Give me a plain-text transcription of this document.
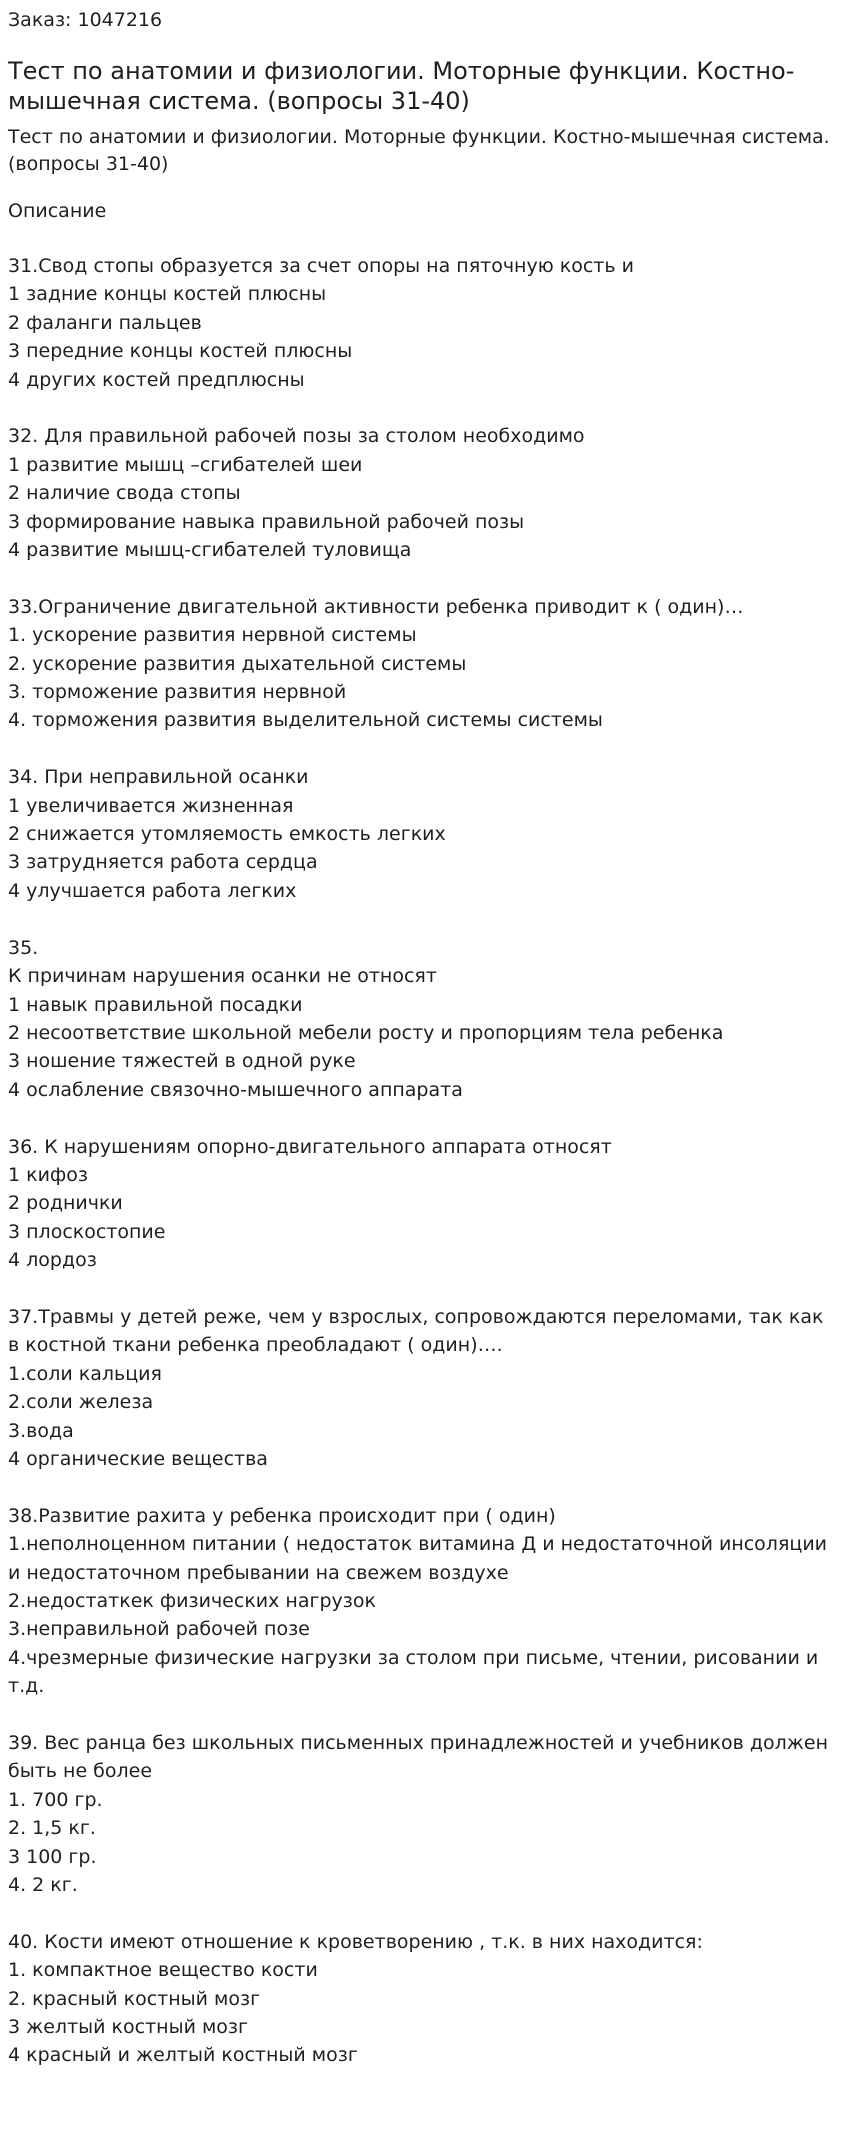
Заказ: 1047216
Тест по анатомии и физиологии. Моторные функции. Костно-мышечная система. (вопросы 31-40)
Тест по анатомии и физиологии. Моторные функции. Костно-мышечная система. (вопросы 31-40)
Описание
31.Свод стопы образуется за счет опоры на пяточную кость и
1 задние концы костей плюсны
2 фаланги пальцев
3 передние концы костей плюсны
4 других костей предплюсны
32. Для правильной рабочей позы за столом необходимо
1 развитие мышц –сгибателей шеи
2 наличие свода стопы
3 формирование навыка правильной рабочей позы
4 развитие мышц-сгибателей туловища
33.Ограничение двигательной активности ребенка приводит к ( один)…
1. ускорение развития нервной системы
2. ускорение развития дыхательной системы
3. торможение развития нервной
4. торможения развития выделительной системы системы
34. При неправильной осанки
1 увеличивается жизненная
2 снижается утомляемость емкость легких
3 затрудняется работа сердца
4 улучшается работа легких
35.
К причинам нарушения осанки не относят
1 навык правильной посадки
2 несоответствие школьной мебели росту и пропорциям тела ребенка
3 ношение тяжестей в одной руке
4 ослабление связочно-мышечного аппарата
36. К нарушениям опорно-двигательного аппарата относят
1 кифоз
2 роднички
3 плоскостопие
4 лордоз
37.Травмы у детей реже, чем у взрослых, сопровождаются переломами, так как в костной ткани ребенка преобладают ( один)….
1.соли кальция
2.соли железа
3.вода
4 органические вещества
38.Развитие рахита у ребенка происходит при ( один)
1.неполноценном питании ( недостаток витамина Д и недостаточной инсоляции и недостаточном пребывании на свежем воздухе
2.недостаткек физических нагрузок
3.неправильной рабочей позе
4.чрезмерные физические нагрузки за столом при письме, чтении, рисовании и т.д.
39. Вес ранца без школьных письменных принадлежностей и учебников должен быть не более
1. 700 гр.
2. 1,5 кг.
3 100 гр.
4. 2 кг.
40. Кости имеют отношение к кроветворению , т.к. в них находится:
1. компактное вещество кости
2. красный костный мозг
3 желтый костный мозг
4 красный и желтый костный мозг
